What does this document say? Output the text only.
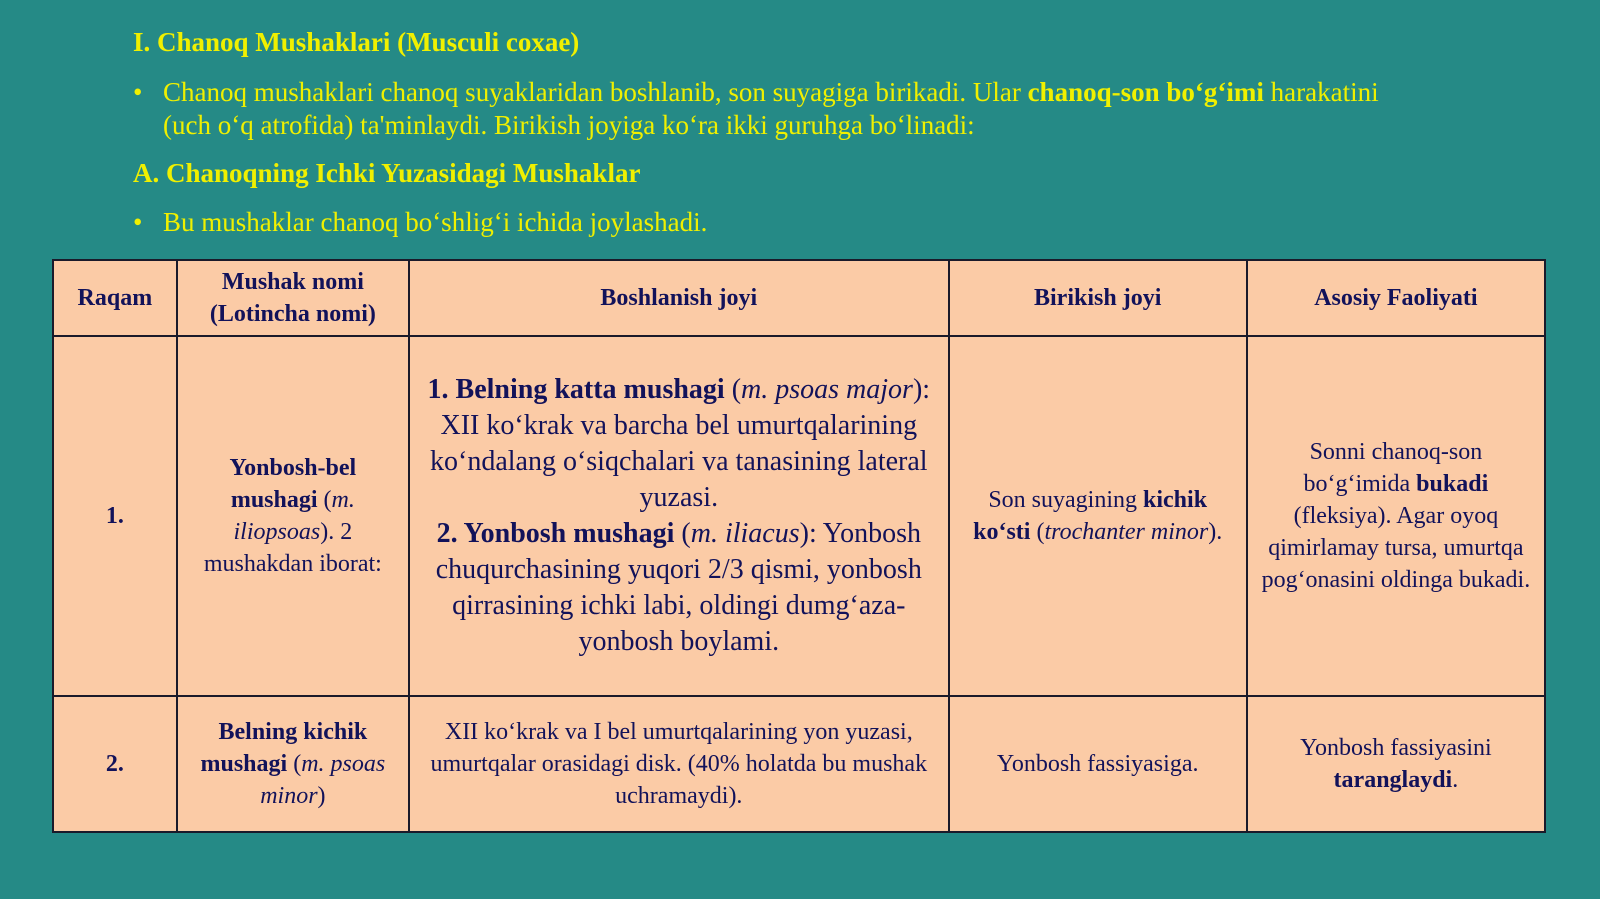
I. Chanoq Mushaklari (Musculi coxae)
• Chanoq mushaklari chanoq suyaklaridan boshlanib, son suyagiga birikadi. Ular chanoq-son bo‘g‘imi harakatini (uch o‘q atrofida) ta'minlaydi. Birikish joyiga ko‘ra ikki guruhga bo‘linadi:
A. Chanoqning Ichki Yuzasidagi Mushaklar
• Bu mushaklar chanoq bo‘shlig‘i ichida joylashadi.
Raqam	Mushak nomi (Lotincha nomi)	Boshlanish joyi	Birikish joyi	Asosiy Faoliyati
1.	Yonbosh-bel mushagi (m. iliopsoas). 2 mushakdan iborat:	1. Belning katta mushagi (m. psoas major): XII ko‘krak va barcha bel umurtqalarining ko‘ndalang o‘siqchalari va tanasining lateral yuzasi.
2. Yonbosh mushagi (m. iliacus): Yonbosh chuqurchasining yuqori 2/3 qismi, yonbosh qirrasining ichki labi, oldingi dumg‘aza-yonbosh boylami.	Son suyagining kichik ko‘sti (trochanter minor).	Sonni chanoq-son bo‘g‘imida bukadi (fleksiya). Agar oyoq qimirlamay tursa, umurtqa pog‘onasini oldinga bukadi.
2.	Belning kichik mushagi (m. psoas minor)	XII ko‘krak va I bel umurtqalarining yon yuzasi, umurtqalar orasidagi disk. (40% holatda bu mushak uchramaydi).	Yonbosh fassiyasiga.	Yonbosh fassiyasini taranglaydi.
